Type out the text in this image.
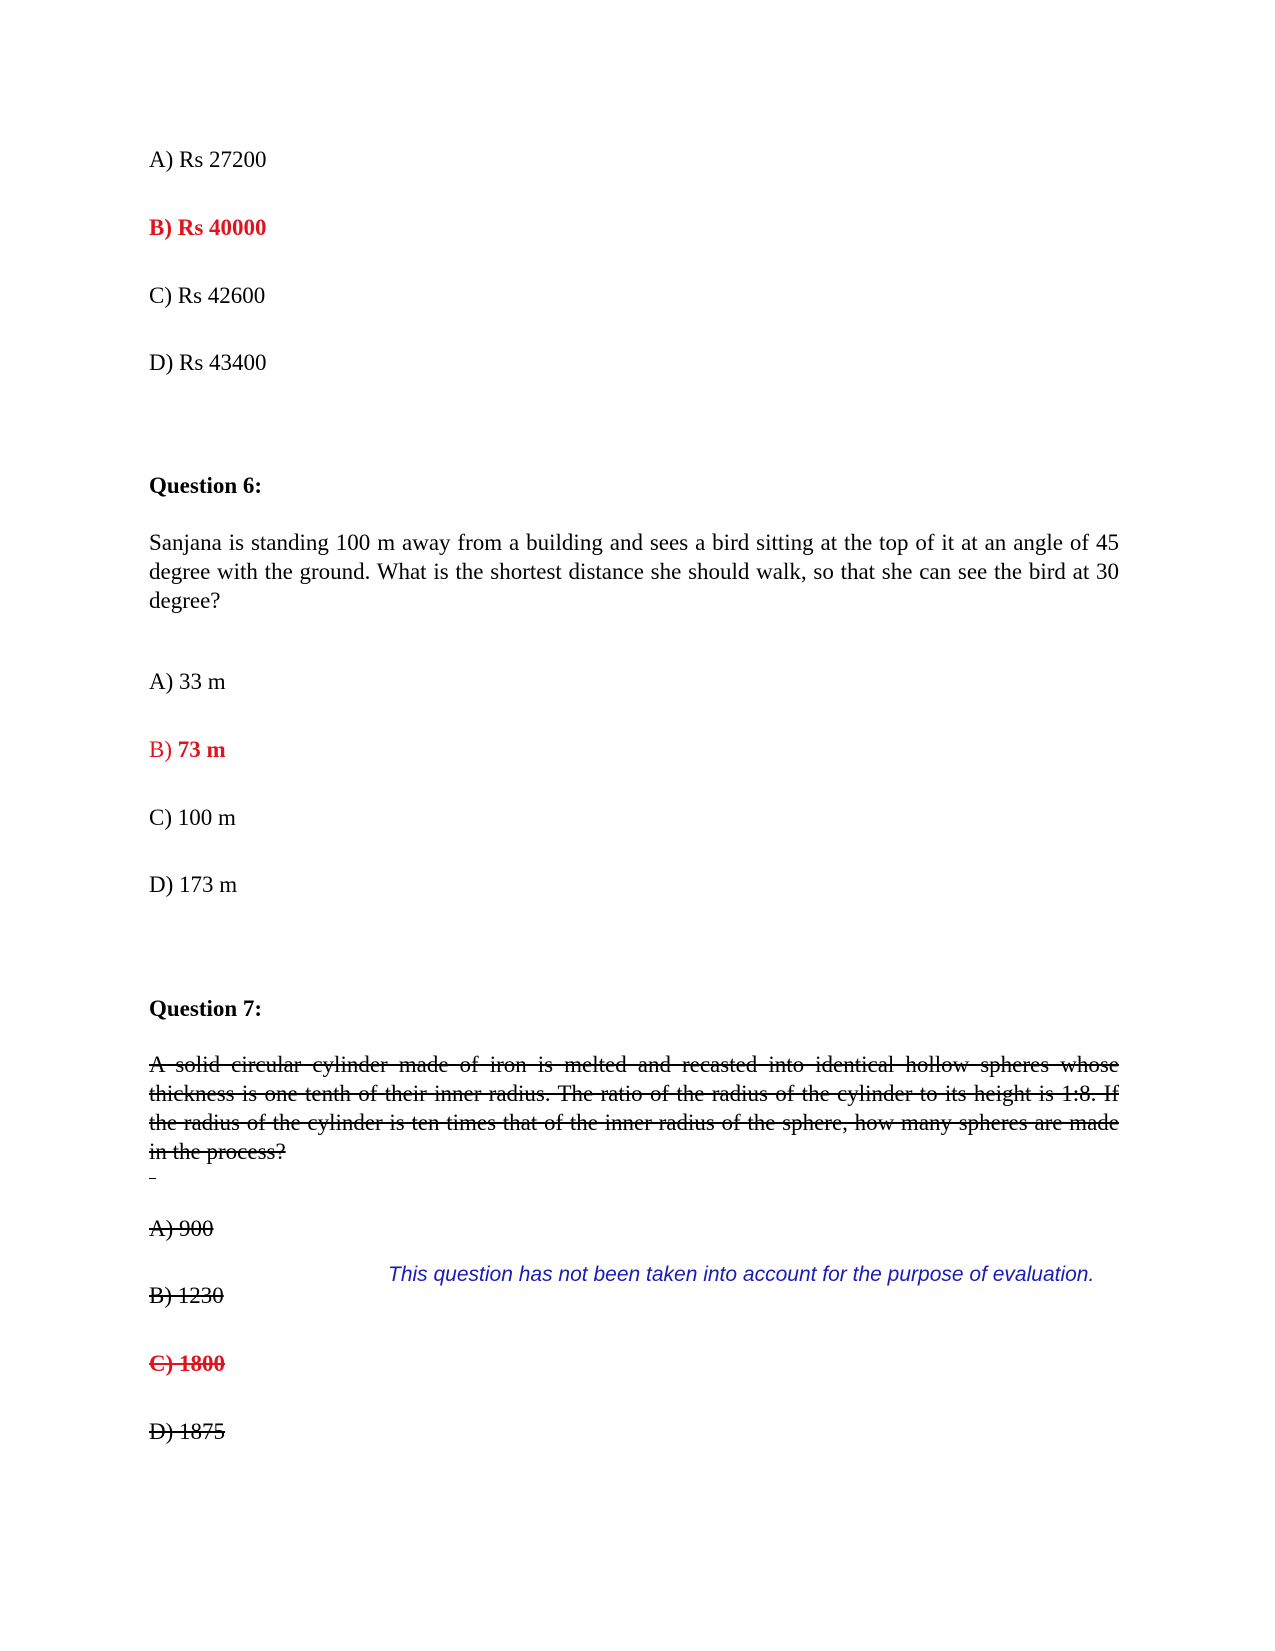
A) Rs 27200
B) Rs 40000
C) Rs 42600
D) Rs 43400
Question 6:
Sanjana is standing 100 m away from a building and sees a bird sitting at the top of it at an angle of 45 degree with the ground. What is the shortest distance she should walk, so that she can see the bird at 30 degree?
A) 33 m
B) 73 m
C) 100 m
D) 173 m
Question 7:
A solid circular cylinder made of iron is melted and recasted into identical hollow spheres whose thickness is one tenth of their inner radius. The ratio of the radius of the cylinder to its height is 1:8. If the radius of the cylinder is ten times that of the inner radius of the sphere, how many spheres are made in the process?
A) 900
B) 1230
C) 1800
D) 1875
This question has not been taken into account for the purpose of evaluation.
